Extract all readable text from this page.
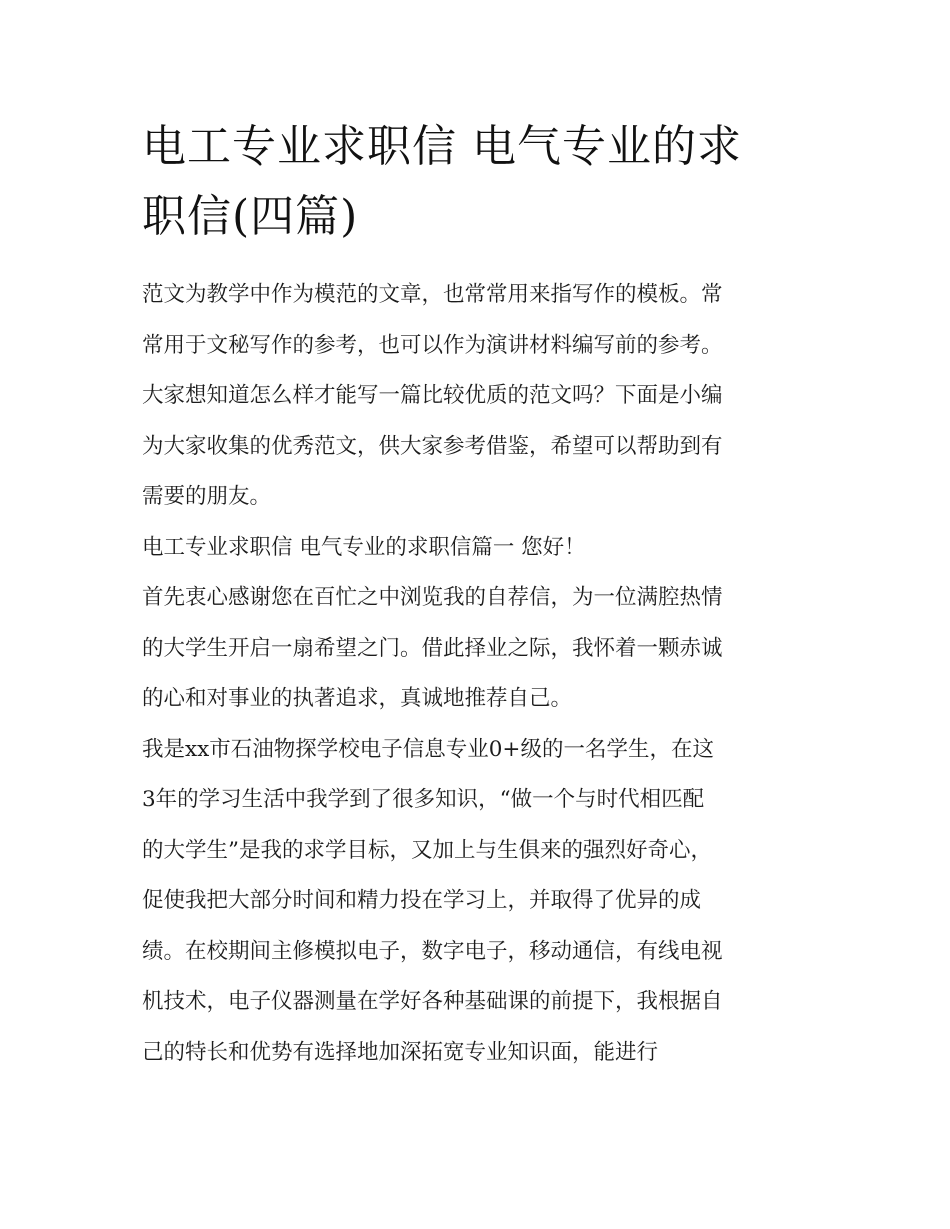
电工专业求职信 电气专业的求
职信(四篇)
范文为教学中作为模范的文章，也常常用来指写作的模板。常
常用于文秘写作的参考，也可以作为演讲材料编写前的参考。
大家想知道怎么样才能写一篇比较优质的范文吗？下面是小编
为大家收集的优秀范文，供大家参考借鉴，希望可以帮助到有
需要的朋友。
电工专业求职信 电气专业的求职信篇一 您好！
首先衷心感谢您在百忙之中浏览我的自荐信，为一位满腔热情
的大学生开启一扇希望之门。借此择业之际，我怀着一颗赤诚
的心和对事业的执著追求，真诚地推荐自己。
我是xx市石油物探学校电子信息专业0+级的一名学生，在这
3年的学习生活中我学到了很多知识，“做一个与时代相匹配
的大学生”是我的求学目标，又加上与生俱来的强烈好奇心，
促使我把大部分时间和精力投在学习上，并取得了优异的成
绩。在校期间主修模拟电子，数字电子，移动通信，有线电视
机技术，电子仪器测量在学好各种基础课的前提下，我根据自
己的特长和优势有选择地加深拓宽专业知识面，能进行
